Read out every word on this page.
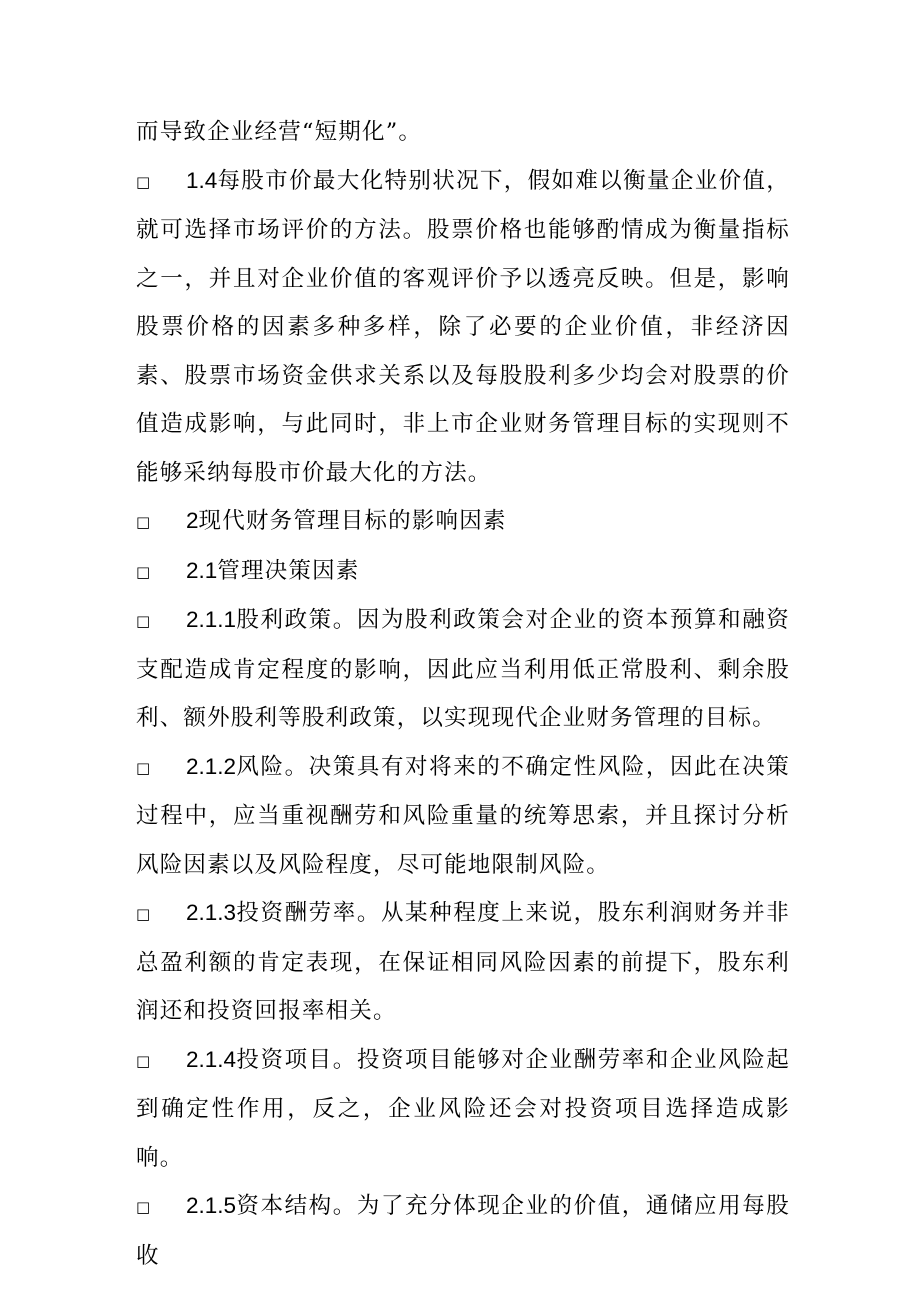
而导致企业经营“短期化”。

□ 1.4每股市价最大化特别状况下，假如难以衡量企业价值，就可选择市场评价的方法。股票价格也能够酌情成为衡量指标之一，并且对企业价值的客观评价予以透亮反映。但是，影响股票价格的因素多种多样，除了必要的企业价值，非经济因素、股票市场资金供求关系以及每股股利多少均会对股票的价值造成影响，与此同时，非上市企业财务管理目标的实现则不能够采纳每股市价最大化的方法。

□ 2现代财务管理目标的影响因素

□ 2.1管理决策因素

□ 2.1.1股利政策。因为股利政策会对企业的资本预算和融资支配造成肯定程度的影响，因此应当利用低正常股利、剩余股利、额外股利等股利政策，以实现现代企业财务管理的目标。

□ 2.1.2风险。决策具有对将来的不确定性风险，因此在决策过程中，应当重视酬劳和风险重量的统筹思索，并且探讨分析风险因素以及风险程度，尽可能地限制风险。

□ 2.1.3投资酬劳率。从某种程度上来说，股东利润财务并非总盈利额的肯定表现，在保证相同风险因素的前提下，股东利润还和投资回报率相关。

□ 2.1.4投资项目。投资项目能够对企业酬劳率和企业风险起到确定性作用，反之，企业风险还会对投资项目选择造成影响。

□ 2.1.5资本结构。为了充分体现企业的价值，通储应用每股收
